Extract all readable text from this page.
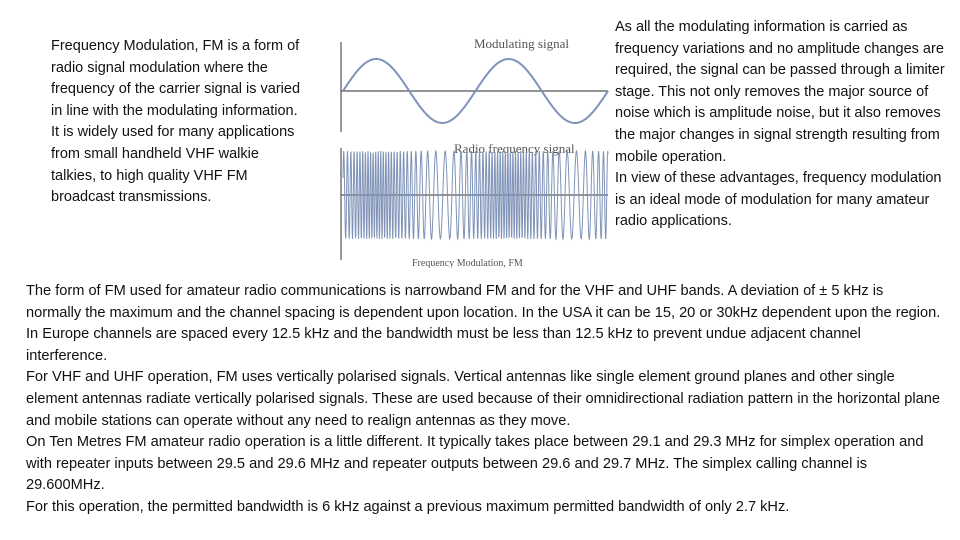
Frequency Modulation, FM is a form of radio signal modulation where the frequency of the carrier signal is varied in line with the modulating information. It is widely used for many applications from small handheld VHF walkie talkies, to high quality VHF FM broadcast transmissions.

Modulating signal
Radio frequency signal
Frequency Modulation, FM

As all the modulating information is carried as frequency variations and no amplitude changes are required, the signal can be passed through a limiter stage. This not only removes the major source of noise which is amplitude noise, but it also removes the major changes in signal strength resulting from mobile operation.

In view of these advantages, frequency modulation is an ideal mode of modulation for many amateur radio applications.

The form of FM used for amateur radio communications is narrowband FM and for the VHF and UHF bands. A deviation of ± 5 kHz is normally the maximum and the channel spacing is dependent upon location. In the USA it can be 15, 20 or 30kHz dependent upon the region. In Europe channels are spaced every 12.5 kHz and the bandwidth must be less than 12.5 kHz to prevent undue adjacent channel interference.

For VHF and UHF operation, FM uses vertically polarised signals. Vertical antennas like single element ground planes and other single element antennas radiate vertically polarised signals. These are used because of their omnidirectional radiation pattern in the horizontal plane and mobile stations can operate without any need to realign antennas as they move.

On Ten Metres FM amateur radio operation is a little different. It typically takes place between 29.1 and 29.3 MHz for simplex operation and with repeater inputs between 29.5 and 29.6 MHz and repeater outputs between 29.6 and 29.7 MHz. The simplex calling channel is 29.600MHz.

For this operation, the permitted bandwidth is 6 kHz against a previous maximum permitted bandwidth of only 2.7 kHz.
